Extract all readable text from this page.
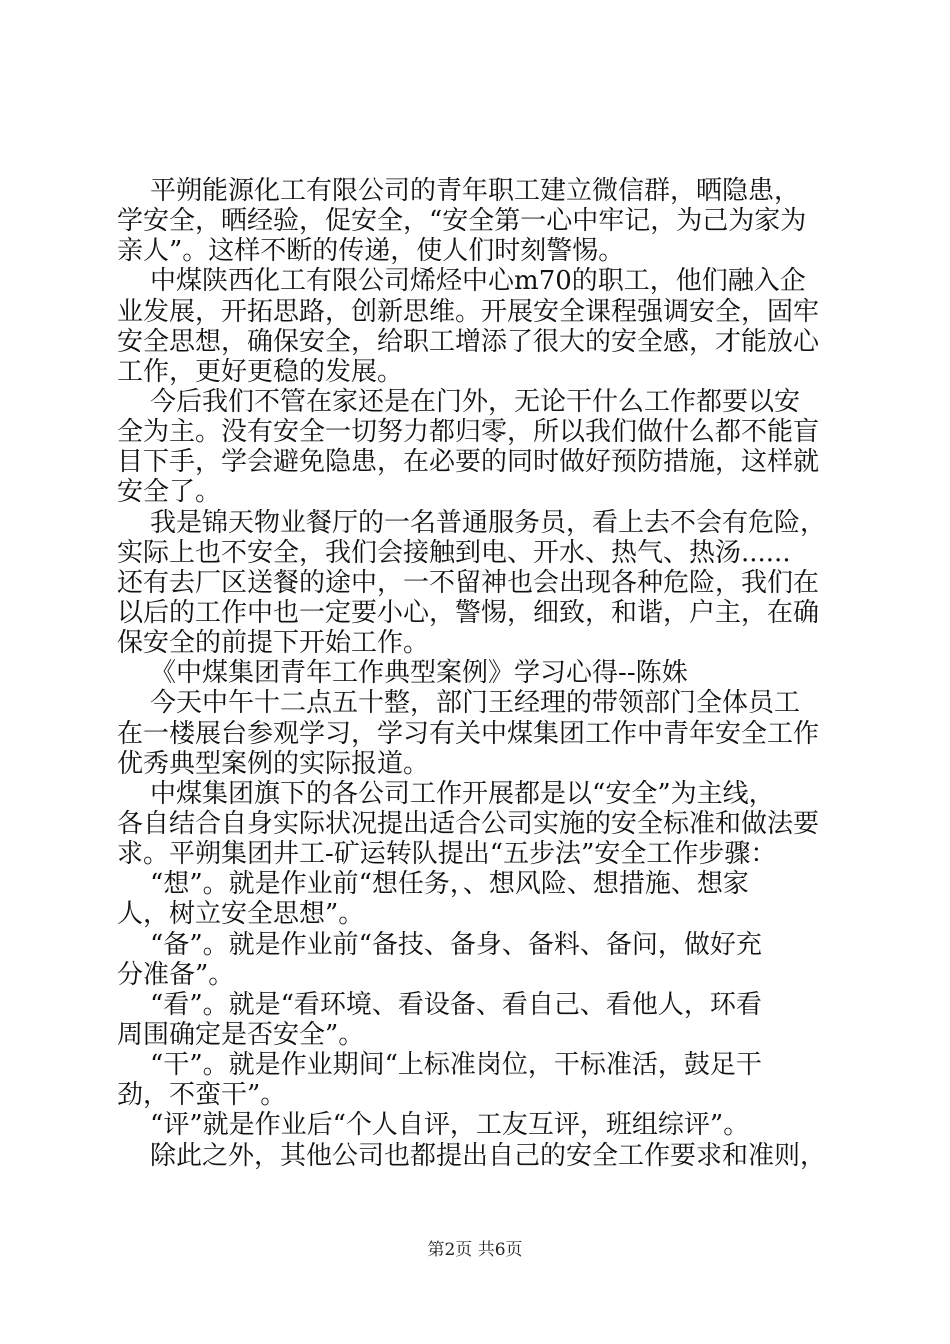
平朔能源化工有限公司的青年职工建立微信群，晒隐患，
学安全，晒经验，促安全，“安全第一心中牢记，为己为家为
亲人”。这样不断的传递，使人们时刻警惕。
中煤陕西化工有限公司烯烃中心m70的职工，他们融入企
业发展，开拓思路，创新思维。开展安全课程强调安全，固牢
安全思想，确保安全，给职工增添了很大的安全感，才能放心
工作，更好更稳的发展。
今后我们不管在家还是在门外，无论干什么工作都要以安
全为主。没有安全一切努力都归零，所以我们做什么都不能盲
目下手，学会避免隐患，在必要的同时做好预防措施，这样就
安全了。
我是锦天物业餐厅的一名普通服务员，看上去不会有危险，
实际上也不安全，我们会接触到电、开水、热气、热汤......
还有去厂区送餐的途中，一不留神也会出现各种危险，我们在
以后的工作中也一定要小心，警惕，细致，和谐，户主，在确
保安全的前提下开始工作。
《中煤集团青年工作典型案例》学习心得--陈姝
今天中午十二点五十整，部门王经理的带领部门全体员工
在一楼展台参观学习，学习有关中煤集团工作中青年安全工作
优秀典型案例的实际报道。
中煤集团旗下的各公司工作开展都是以“安全”为主线，
各自结合自身实际状况提出适合公司实施的安全标准和做法要
求。平朔集团井工-矿运转队提出“五步法”安全工作步骤：
“想”。就是作业前“想任务，、想风险、想措施、想家
人，树立安全思想”。
“备”。就是作业前“备技、备身、备料、备问，做好充
分准备”。
“看”。就是“看环境、看设备、看自己、看他人，环看
周围确定是否安全”。
“干”。就是作业期间“上标准岗位，干标准活，鼓足干
劲，不蛮干”。
“评”就是作业后“个人自评，工友互评，班组综评”。
除此之外，其他公司也都提出自己的安全工作要求和准则，
第2页 共6页
